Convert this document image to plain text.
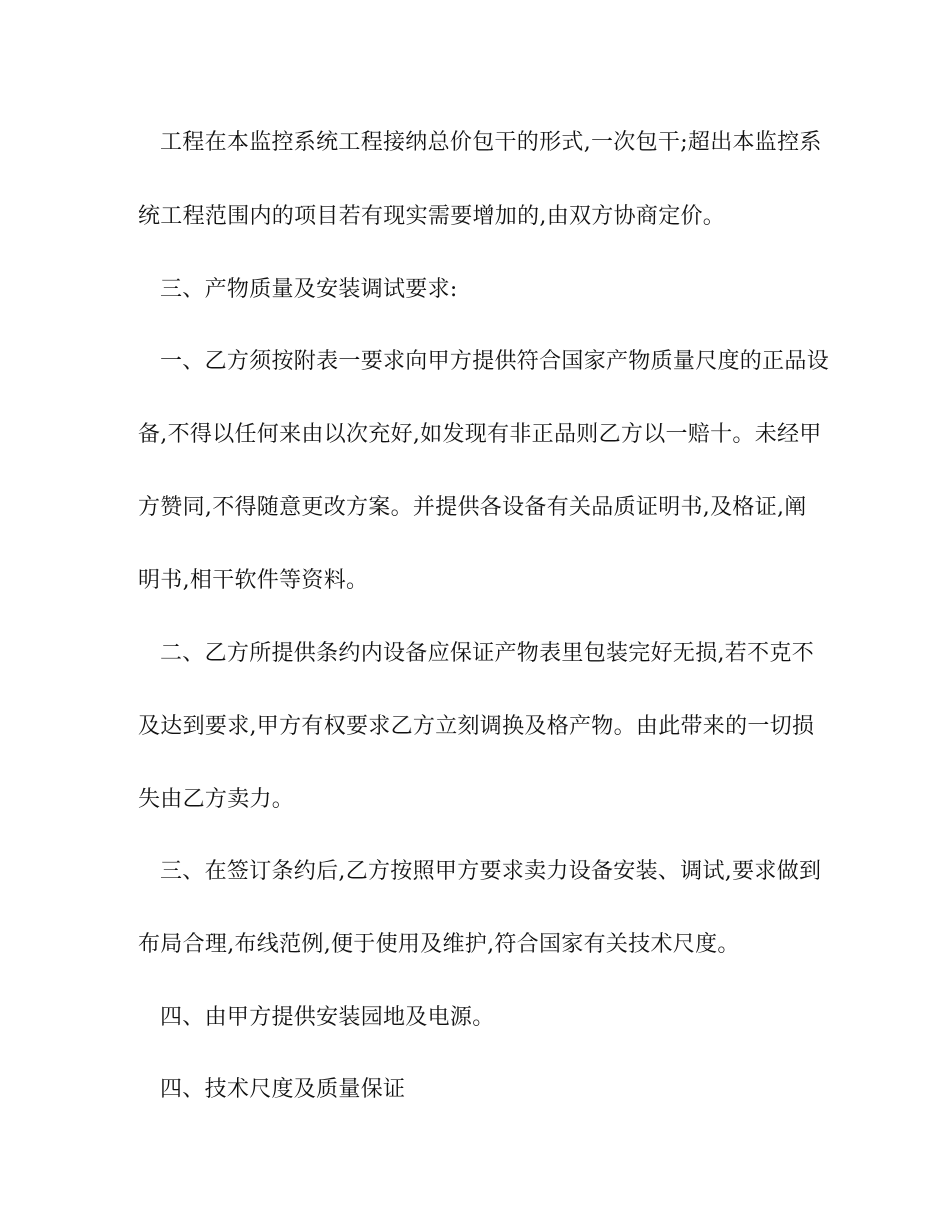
工程在本监控系统工程接纳总价包干的形式,一次包干;超出本监控系
统工程范围内的项目若有现实需要增加的,由双方协商定价。
三、产物质量及安装调试要求:
一、乙方须按附表一要求向甲方提供符合国家产物质量尺度的正品设
备,不得以任何来由以次充好,如发现有非正品则乙方以一赔十。未经甲
方赞同,不得随意更改方案。并提供各设备有关品质证明书,及格证,阐
明书,相干软件等资料。
二、乙方所提供条约内设备应保证产物表里包装完好无损,若不克不
及达到要求,甲方有权要求乙方立刻调换及格产物。由此带来的一切损
失由乙方卖力。
三、在签订条约后,乙方按照甲方要求卖力设备安装、调试,要求做到
布局合理,布线范例,便于使用及维护,符合国家有关技术尺度。
四、由甲方提供安装园地及电源。
四、技术尺度及质量保证
